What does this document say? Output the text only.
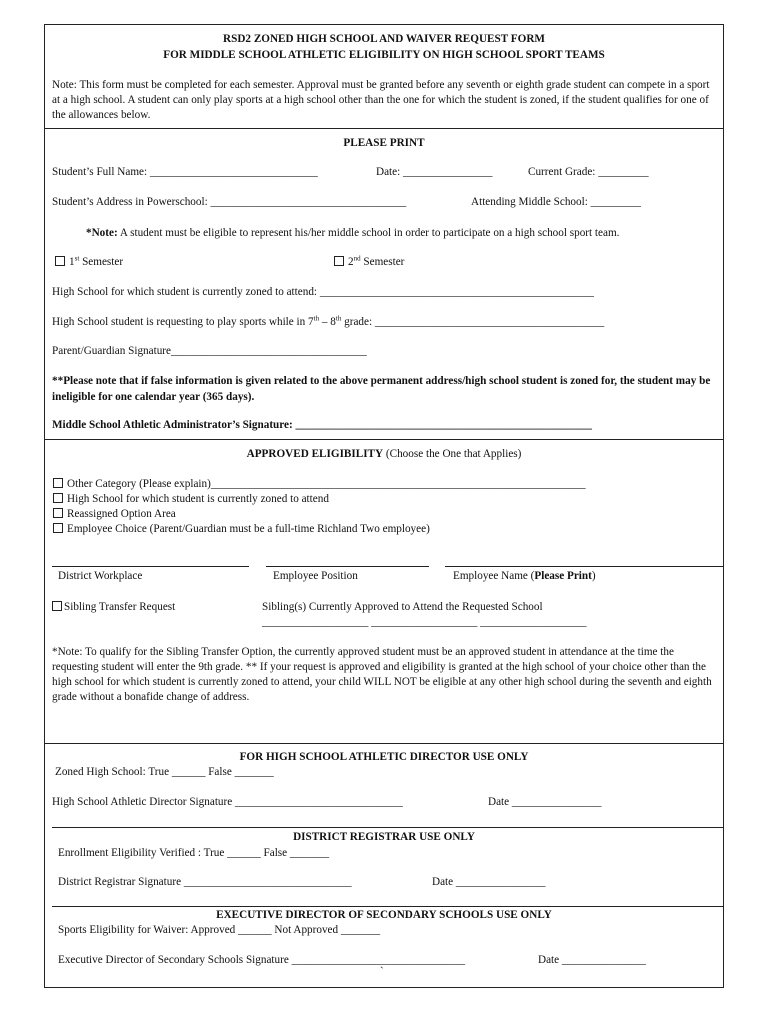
RSD2 ZONED HIGH SCHOOL AND WAIVER REQUEST FORM
FOR MIDDLE SCHOOL ATHLETIC ELIGIBILITY ON HIGH SCHOOL SPORT TEAMS
Note: This form must be completed for each semester. Approval must be granted before any seventh or eighth grade student can compete in a sport at a high school. A student can only play sports at a high school other than the one for which the student is zoned, if the student qualifies for one of the allowances below.
PLEASE PRINT
Student’s Full Name: ______________________________	Date: ________________	Current Grade: _________
Student’s Address in Powerschool: ___________________________________	Attending Middle School: _________
*Note: A student must be eligible to represent his/her middle school in order to participate on a high school sport team.
1st Semester	2nd Semester
High School for which student is currently zoned to attend: _________________________________________________
High School student is requesting to play sports while in 7th – 8th grade: _________________________________________
Parent/Guardian Signature___________________________________
**Please note that if false information is given related to the above permanent address/high school student is zoned for, the student may be ineligible for one calendar year (365 days).
Middle School Athletic Administrator’s Signature: _____________________________________________________
APPROVED ELIGIBILITY (Choose the One that Applies)
Other Category (Please explain)___________________________________________________________________
High School for which student is currently zoned to attend
Reassigned Option Area
Employee Choice (Parent/Guardian must be a full-time Richland Two employee)
District Workplace	Employee Position	Employee Name (Please Print)
Sibling Transfer Request	Sibling(s) Currently Approved to Attend the Requested School
___________________ ___________________ ___________________
*Note: To qualify for the Sibling Transfer Option, the currently approved student must be an approved student in attendance at the time the requesting student will enter the 9th grade. ** If your request is approved and eligibility is granted at the high school of your choice other than the high school for which student is currently zoned to attend, your child WILL NOT be eligible at any other high school during the seventh and eighth grade without a bonafide change of address.
FOR HIGH SCHOOL ATHLETIC DIRECTOR USE ONLY
Zoned High School: True ______ False _______
High School Athletic Director Signature ______________________________	Date ________________
DISTRICT REGISTRAR USE ONLY
Enrollment Eligibility Verified : True ______ False _______
District Registrar Signature ______________________________	Date ________________
EXECUTIVE DIRECTOR OF SECONDARY SCHOOLS USE ONLY
Sports Eligibility for Waiver: Approved ______ Not Approved _______
Executive Director of Secondary Schools Signature _______________________________	Date _______________
`
